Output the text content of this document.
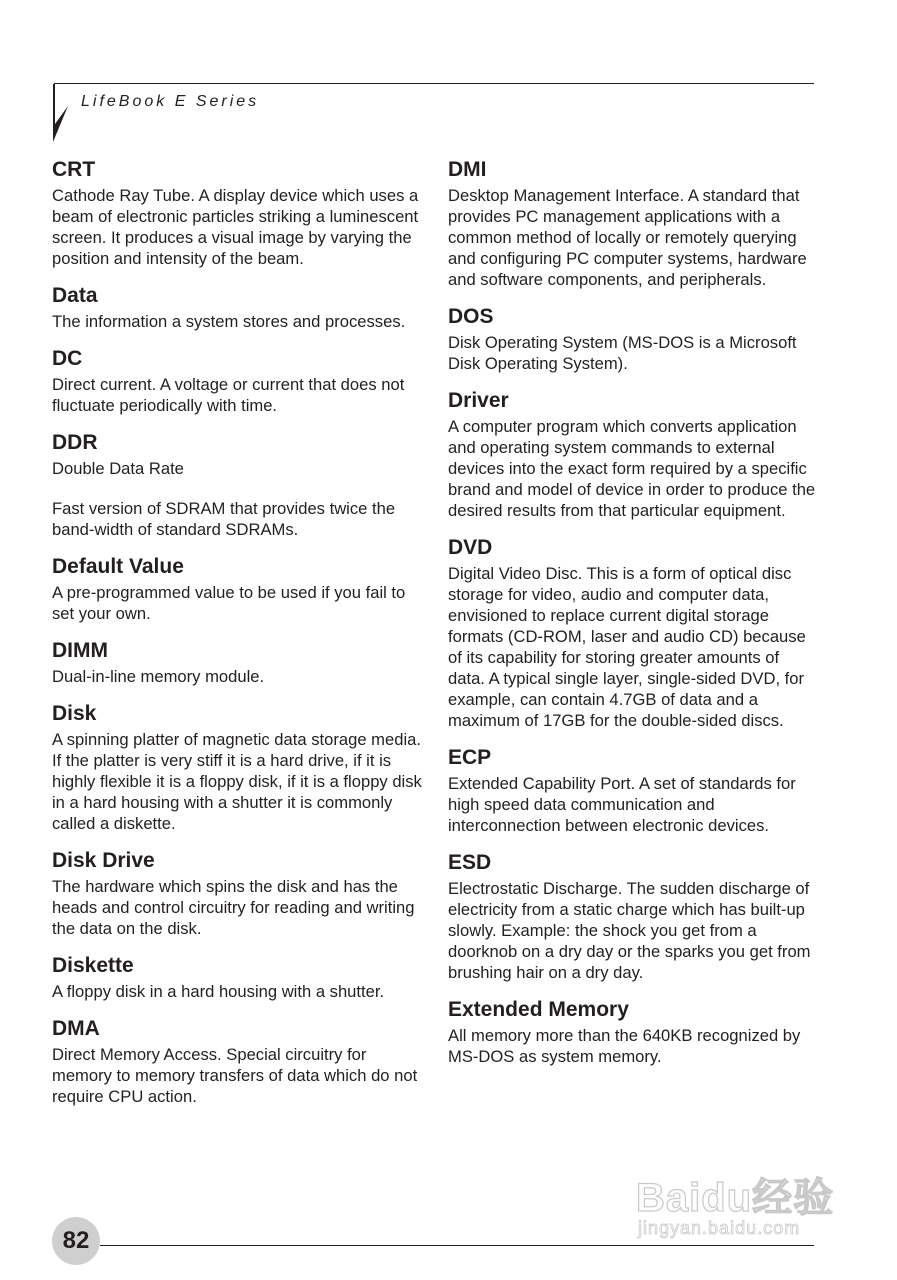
LifeBook E Series
CRT

Cathode Ray Tube. A display device which uses a beam of electronic particles striking a luminescent screen. It produces a visual image by varying the position and intensity of the beam.

Data

The information a system stores and processes.

DC

Direct current. A voltage or current that does not fluctuate periodically with time.

DDR

Double Data Rate

Fast version of SDRAM that provides twice the band-width of standard SDRAMs.

Default Value

A pre-programmed value to be used if you fail to set your own.

DIMM

Dual-in-line memory module.

Disk

A spinning platter of magnetic data storage media. If the platter is very stiff it is a hard drive, if it is highly flexible it is a floppy disk, if it is a floppy disk in a hard housing with a shutter it is commonly called a diskette.

Disk Drive

The hardware which spins the disk and has the heads and control circuitry for reading and writing the data on the disk.

Diskette

A floppy disk in a hard housing with a shutter.

DMA

Direct Memory Access. Special circuitry for memory to memory transfers of data which do not require CPU action.

DMI

Desktop Management Interface. A standard that provides PC management applications with a common method of locally or remotely querying and configuring PC computer systems, hardware and software components, and peripherals.

DOS

Disk Operating System (MS-DOS is a Microsoft Disk Operating System).

Driver

A computer program which converts application and operating system commands to external devices into the exact form required by a specific brand and model of device in order to produce the desired results from that particular equipment.

DVD

Digital Video Disc. This is a form of optical disc storage for video, audio and computer data, envisioned to replace current digital storage formats (CD-ROM, laser and audio CD) because of its capability for storing greater amounts of data. A typical single layer, single-sided DVD, for example, can contain 4.7GB of data and a maximum of 17GB for the double-sided discs.

ECP

Extended Capability Port. A set of standards for high speed data communication and interconnection between electronic devices.

ESD

Electrostatic Discharge. The sudden discharge of electricity from a static charge which has built-up slowly. Example: the shock you get from a doorknob on a dry day or the sparks you get from brushing hair on a dry day.

Extended Memory

All memory more than the 640KB recognized by MS-DOS as system memory.

Baidu经验
jingyan.baidu.com
82
